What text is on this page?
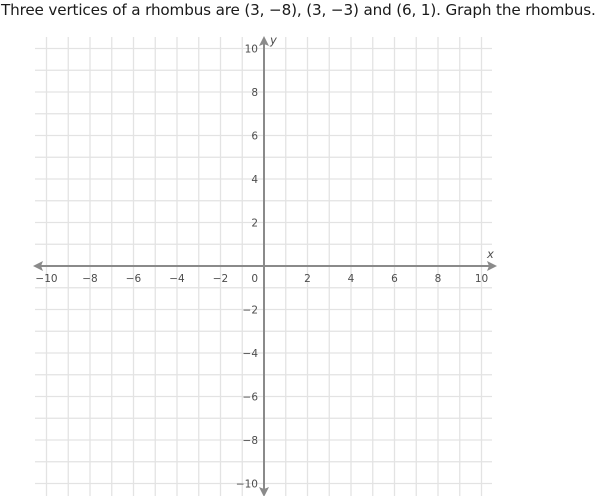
Three vertices of a rhombus are (3, −8), (3, −3) and (6, 1). Graph the rhombus.
x
y
−10 −8	−6	−4	−2	2	4	6	8	10
10
8
6
4
2
−2
−4
−6
−8
−10
0
